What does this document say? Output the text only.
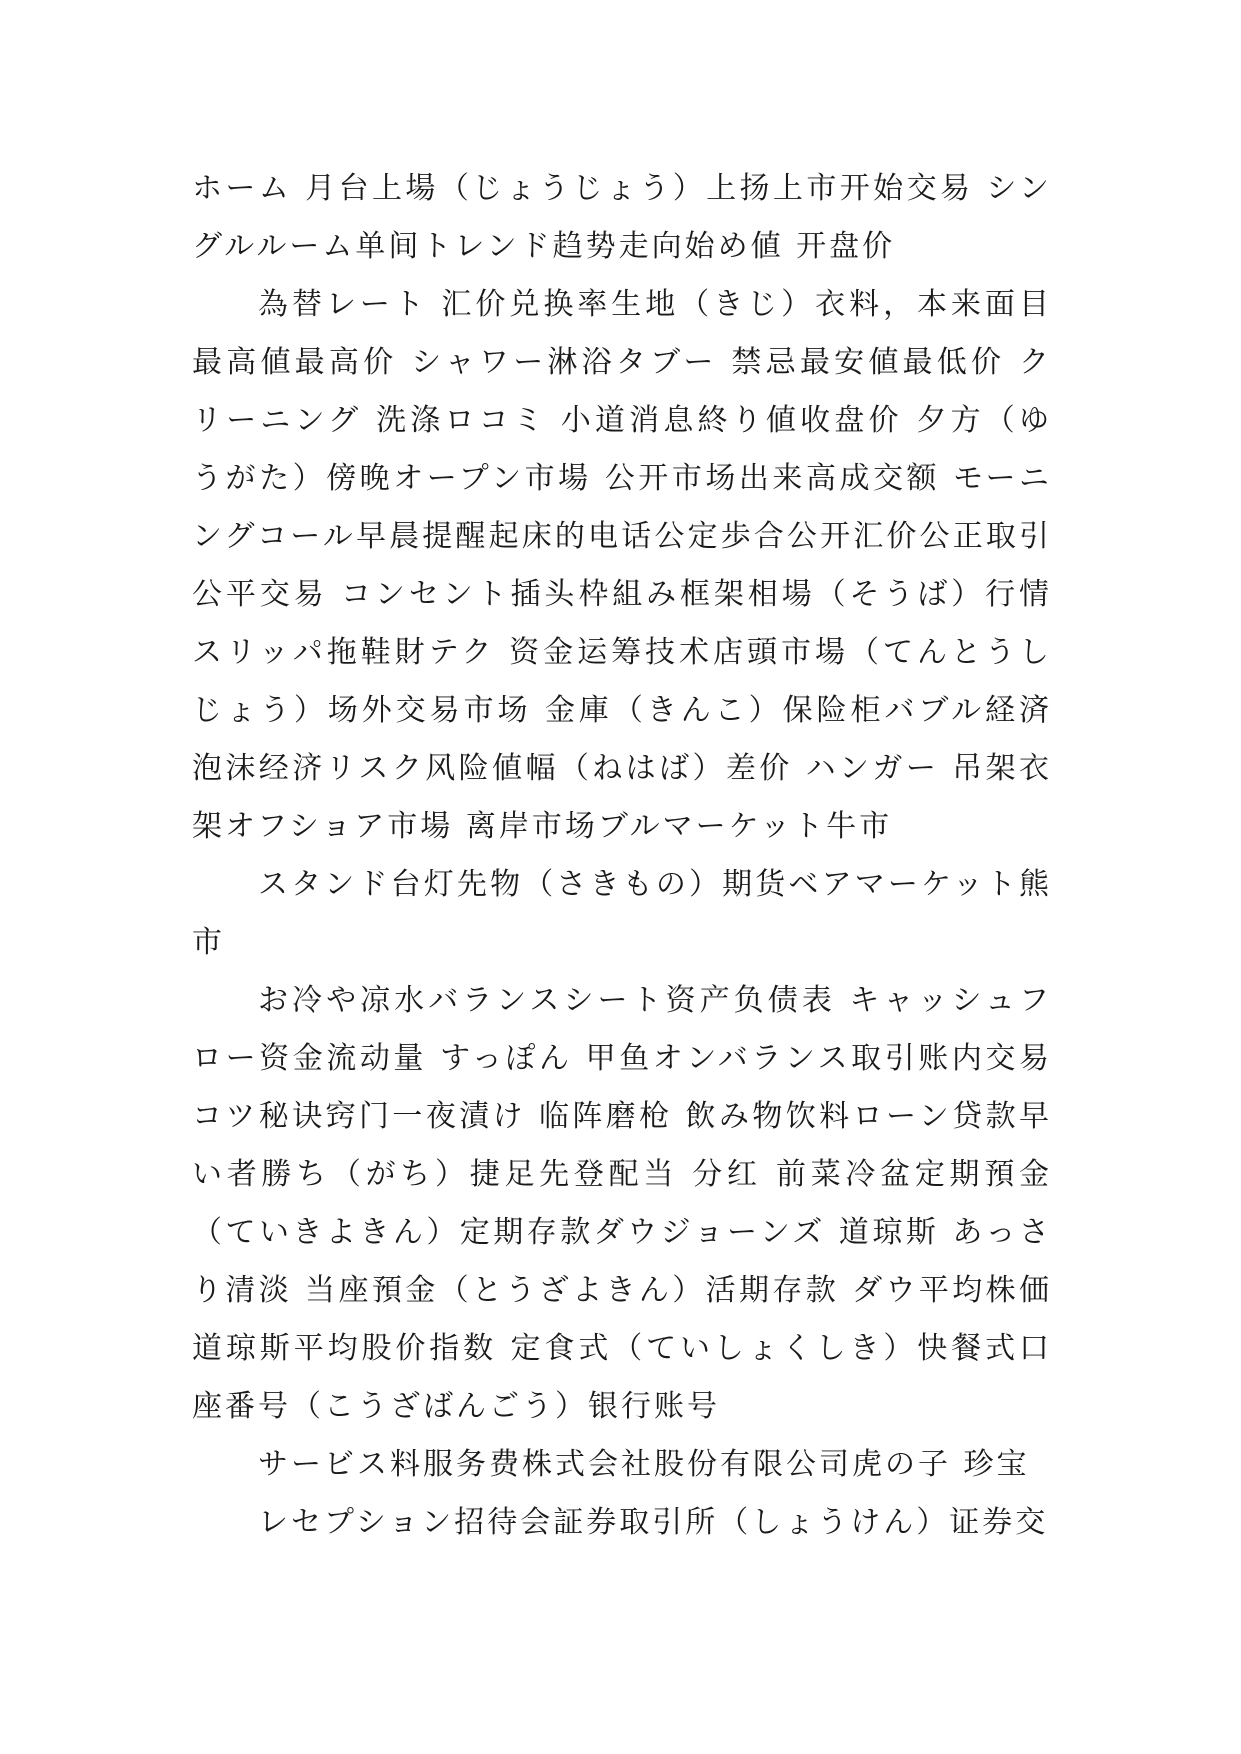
ホーム 月台上場（じょうじょう）上扬上市开始交易 シングルルーム单间トレンド趋势走向始め値 开盘价

為替レート 汇价兑换率生地（きじ）衣料，本来面目最高値最高价 シャワー淋浴タブー 禁忌最安値最低价 クリーニング 洗涤ロコミ 小道消息終り値收盘价 夕方（ゆうがた）傍晚オープン市場 公开市场出来高成交额 モーニングコール早晨提醒起床的电话公定歩合公开汇价公正取引公平交易 コンセント插头枠組み框架相場（そうば）行情 スリッパ拖鞋財テク 资金运筹技术店頭市場（てんとうしじょう）场外交易市场 金庫（きんこ）保险柜バブル経済 泡沫经济リスク风险値幅（ねはば）差价 ハンガー 吊架衣架オフショア市場 离岸市场ブルマーケット牛市

スタンド台灯先物（さきもの）期货ベアマーケット熊市

お冷や凉水バランスシート资产负债表 キャッシュフロー资金流动量 すっぽん 甲鱼オンバランス取引账内交易 コツ秘诀窍门一夜漬け 临阵磨枪 飲み物饮料ローン贷款早い者勝ち（がち）捷足先登配当 分红 前菜冷盆定期預金（ていきよきん）定期存款ダウジョーンズ 道琼斯 あっさり清淡 当座預金（とうざよきん）活期存款 ダウ平均株価 道琼斯平均股价指数 定食式（ていしょくしき）快餐式口座番号（こうざばんごう）银行账号

サービス料服务费株式会社股份有限公司虎の子 珍宝

レセプション招待会証券取引所（しょうけん）证券交
